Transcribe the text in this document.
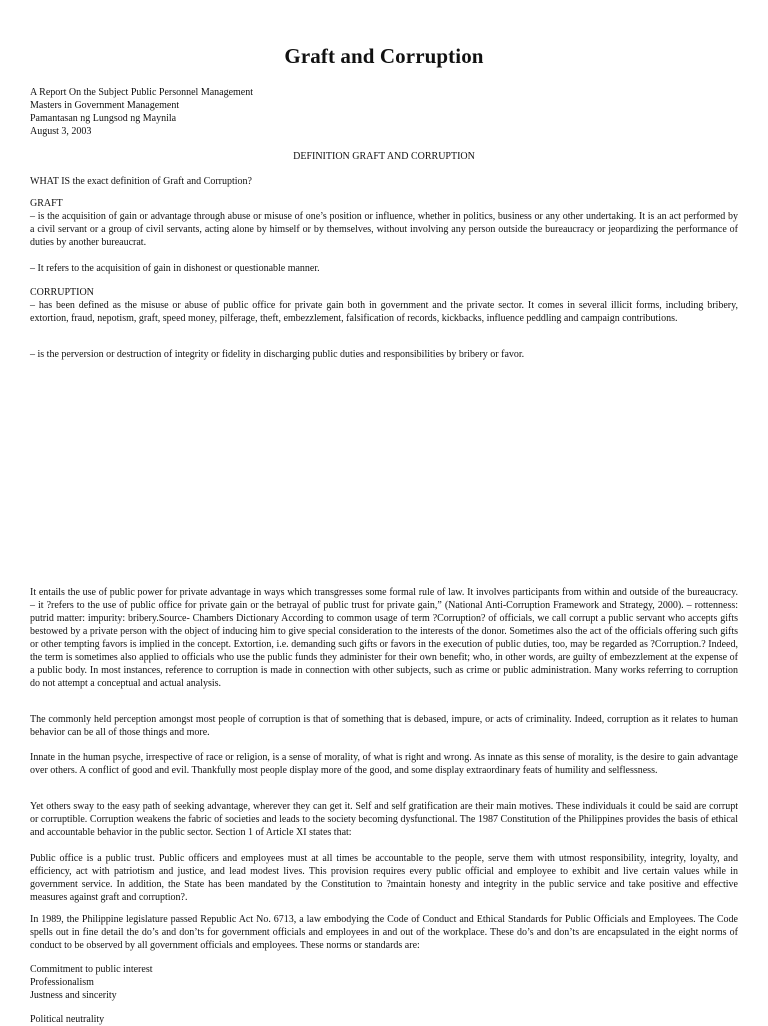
Graft and Corruption
A Report On the Subject Public Personnel Management
Masters in Government Management
Pamantasan ng Lungsod ng Maynila
August 3, 2003
DEFINITION GRAFT AND CORRUPTION

WHAT IS the exact definition of Graft and Corruption?

GRAFT

– is the acquisition of gain or advantage through abuse or misuse of one’s position or influence, whether in politics, business or any other undertaking. It is an act performed by a civil servant or a group of civil servants, acting alone by himself or by themselves, without involving any person outside the bureaucracy or jeopardizing the performance of duties by another bureaucrat.

– It refers to the acquisition of gain in dishonest or questionable manner.

CORRUPTION

– has been defined as the misuse or abuse of public office for private gain both in government and the private sector. It comes in several illicit forms, including bribery, extortion, fraud, nepotism, graft, speed money, pilferage, theft, embezzlement, falsification of records, kickbacks, influence peddling and campaign contributions.

– is the perversion or destruction of integrity or fidelity in discharging public duties and responsibilities by bribery or favor.

It entails the use of public power for private advantage in ways which transgresses some formal rule of law. It involves participants from within and outside of the bureaucracy. – it ?refers to the use of public office for private gain or the betrayal of public trust for private gain,” (National Anti-Corruption Framework and Strategy, 2000). – rottenness: putrid matter: impurity: bribery.Source- Chambers Dictionary According to common usage of term ?Corruption? of officials, we call corrupt a public servant who accepts gifts bestowed by a private person with the object of inducing him to give special consideration to the interests of the donor. Sometimes also the act of the officials offering such gifts or other tempting favors is implied in the concept. Extortion, i.e. demanding such gifts or favors in the execution of public duties, too, may be regarded as ?Corruption.? Indeed, the term is sometimes also applied to officials who use the public funds they administer for their own benefit; who, in other words, are guilty of embezzlement at the expense of a public body. In most instances, reference to corruption is made in connection with other subjects, such as crime or public administration. Many works referring to corruption do not attempt a conceptual and actual analysis.

The commonly held perception amongst most people of corruption is that of something that is debased, impure, or acts of criminality. Indeed, corruption as it relates to human behavior can be all of those things and more.

Innate in the human psyche, irrespective of race or religion, is a sense of morality, of what is right and wrong. As innate as this sense of morality, is the desire to gain advantage over others. A conflict of good and evil. Thankfully most people display more of the good, and some display extraordinary feats of humility and selflessness.

Yet others sway to the easy path of seeking advantage, wherever they can get it. Self and self gratification are their main motives. These individuals it could be said are corrupt or corruptible. Corruption weakens the fabric of societies and leads to the society becoming dysfunctional. The 1987 Constitution of the Philippines provides the basis of ethical and accountable behavior in the public sector. Section 1 of Article XI states that:

Public office is a public trust. Public officers and employees must at all times be accountable to the people, serve them with utmost responsibility, integrity, loyalty, and efficiency, act with patriotism and justice, and lead modest lives. This provision requires every public official and employee to exhibit and live certain values while in government service. In addition, the State has been mandated by the Constitution to ?maintain honesty and integrity in the public service and take positive and effective measures against graft and corruption?.

In 1989, the Philippine legislature passed Republic Act No. 6713, a law embodying the Code of Conduct and Ethical Standards for Public Officials and Employees. The Code spells out in fine detail the do’s and don’ts for government officials and employees in and out of the workplace. These do’s and don’ts are encapsulated in the eight norms of conduct to be observed by all government officials and employees. These norms or standards are:

Commitment to public interest
Professionalism
Justness and sincerity
Political neutrality
